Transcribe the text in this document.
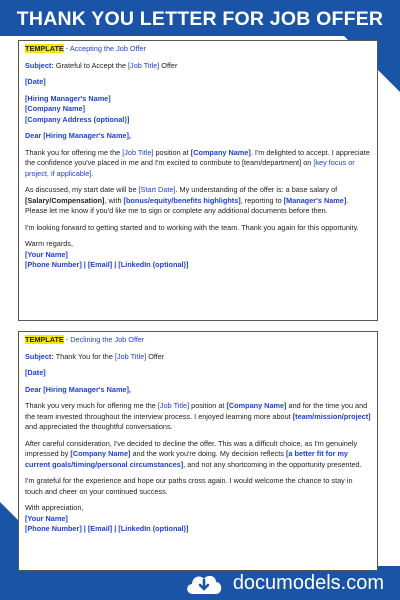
THANK YOU LETTER FOR JOB OFFER

TEMPLATE - Accepting the Job Offer

Subject: Grateful to Accept the [Job Title] Offer

[Date]

[Hiring Manager's Name]
[Company Name]
[Company Address (optional)]

Dear [Hiring Manager's Name],

Thank you for offering me the [Job Title] position at [Company Name]. I'm delighted to accept. I appreciate the confidence you've placed in me and I'm excited to contribute to [team/department] on [key focus or project, if applicable].

As discussed, my start date will be [Start Date]. My understanding of the offer is: a base salary of [Salary/Compensation], with [bonus/equity/benefits highlights], reporting to [Manager's Name]. Please let me know if you'd like me to sign or complete any additional documents before then.

I'm looking forward to getting started and to working with the team. Thank you again for this opportunity.

Warm regards,
[Your Name]
[Phone Number] | [Email] | [LinkedIn (optional)]

TEMPLATE - Declining the Job Offer

Subject: Thank You for the [Job Title] Offer

[Date]

Dear [Hiring Manager's Name],

Thank you very much for offering me the [Job Title] position at [Company Name] and for the time you and the team invested throughout the interview process. I enjoyed learning more about [team/mission/project] and appreciated the thoughtful conversations.

After careful consideration, I've decided to decline the offer. This was a difficult choice, as I'm genuinely impressed by [Company Name] and the work you're doing. My decision reflects [a better fit for my current goals/timing/personal circumstances], and not any shortcoming in the opportunity presented.

I'm grateful for the experience and hope our paths cross again. I would welcome the chance to stay in touch and cheer on your continued success.

With appreciation,
[Your Name]
[Phone Number] | [Email] | [LinkedIn (optional)]

documodels.com
